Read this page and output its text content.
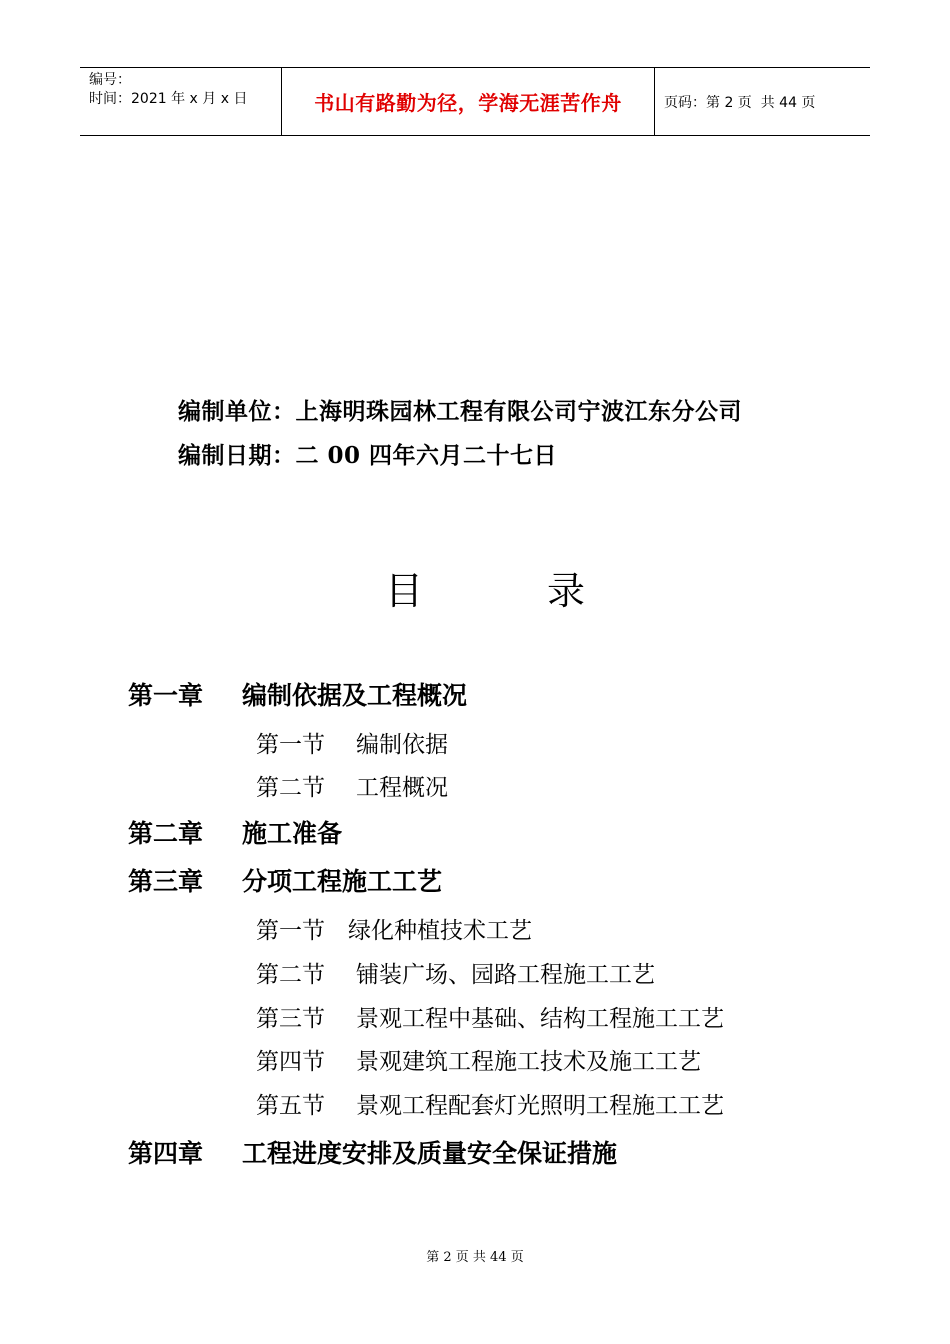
编号：
时间：2021 年 x 月 x 日	书山有路勤为径，学海无涯苦作舟	页码：第 2 页  共 44 页
编制单位：上海明珠园林工程有限公司宁波江东分公司
编制日期：二 00 四年六月二十七日
目	录
第一章 编制依据及工程概况
第一节 编制依据
第二节 工程概况
第二章 施工准备
第三章 分项工程施工工艺
第一节 绿化种植技术工艺
第二节 铺装广场、园路工程施工工艺
第三节 景观工程中基础、结构工程施工工艺
第四节 景观建筑工程施工技术及施工工艺
第五节 景观工程配套灯光照明工程施工工艺
第四章 工程进度安排及质量安全保证措施
第 2 页 共 44 页
